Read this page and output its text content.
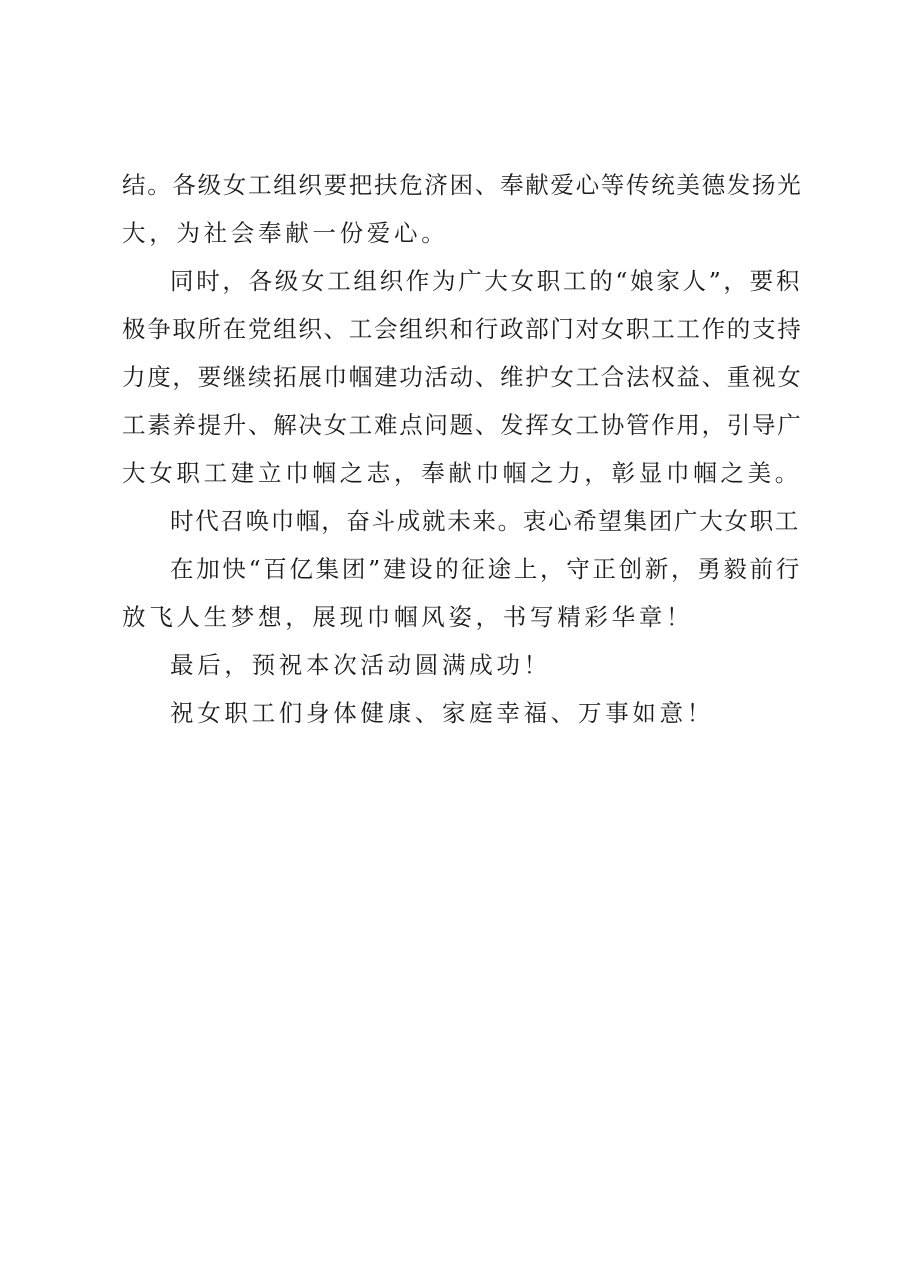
结。各级女工组织要把扶危济困、奉献爱心等传统美德发扬光
大，为社会奉献一份爱心。
同时，各级女工组织作为广大女职工的“娘家人”，要积
极争取所在党组织、工会组织和行政部门对女职工工作的支持
力度，要继续拓展巾帼建功活动、维护女工合法权益、重视女
工素养提升、解决女工难点问题、发挥女工协管作用，引导广
大女职工建立巾帼之志，奉献巾帼之力，彰显巾帼之美。
时代召唤巾帼，奋斗成就未来。衷心希望集团广大女职工
在加快“百亿集团”建设的征途上，守正创新，勇毅前行
放飞人生梦想，展现巾帼风姿，书写精彩华章！
最后，预祝本次活动圆满成功！
祝女职工们身体健康、家庭幸福、万事如意！
